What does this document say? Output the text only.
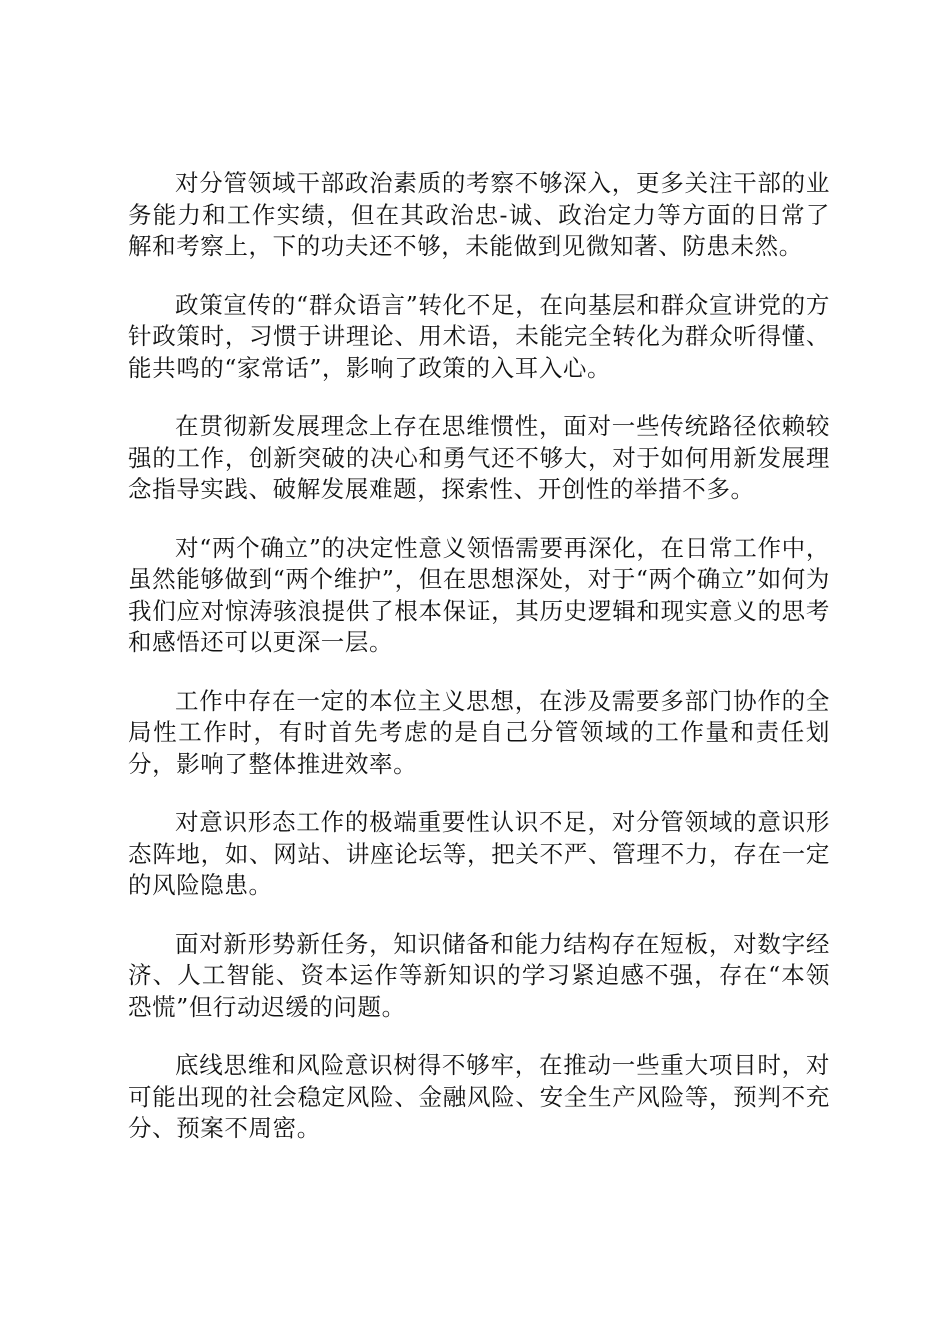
对分管领域干部政治素质的考察不够深入，更多关注干部的业务能力和工作实绩，但在其政治忠-诚、政治定力等方面的日常了解和考察上，下的功夫还不够，未能做到见微知著、防患未然。

政策宣传的“群众语言”转化不足，在向基层和群众宣讲党的方针政策时，习惯于讲理论、用术语，未能完全转化为群众听得懂、能共鸣的“家常话”，影响了政策的入耳入心。

在贯彻新发展理念上存在思维惯性，面对一些传统路径依赖较强的工作，创新突破的决心和勇气还不够大，对于如何用新发展理念指导实践、破解发展难题，探索性、开创性的举措不多。

对“两个确立”的决定性意义领悟需要再深化，在日常工作中，虽然能够做到“两个维护”，但在思想深处，对于“两个确立”如何为我们应对惊涛骇浪提供了根本保证，其历史逻辑和现实意义的思考和感悟还可以更深一层。

工作中存在一定的本位主义思想，在涉及需要多部门协作的全局性工作时，有时首先考虑的是自己分管领域的工作量和责任划分，影响了整体推进效率。

对意识形态工作的极端重要性认识不足，对分管领域的意识形态阵地，如、网站、讲座论坛等，把关不严、管理不力，存在一定的风险隐患。

面对新形势新任务，知识储备和能力结构存在短板，对数字经济、人工智能、资本运作等新知识的学习紧迫感不强，存在“本领恐慌”但行动迟缓的问题。

底线思维和风险意识树得不够牢，在推动一些重大项目时，对可能出现的社会稳定风险、金融风险、安全生产风险等，预判不充分、预案不周密。
